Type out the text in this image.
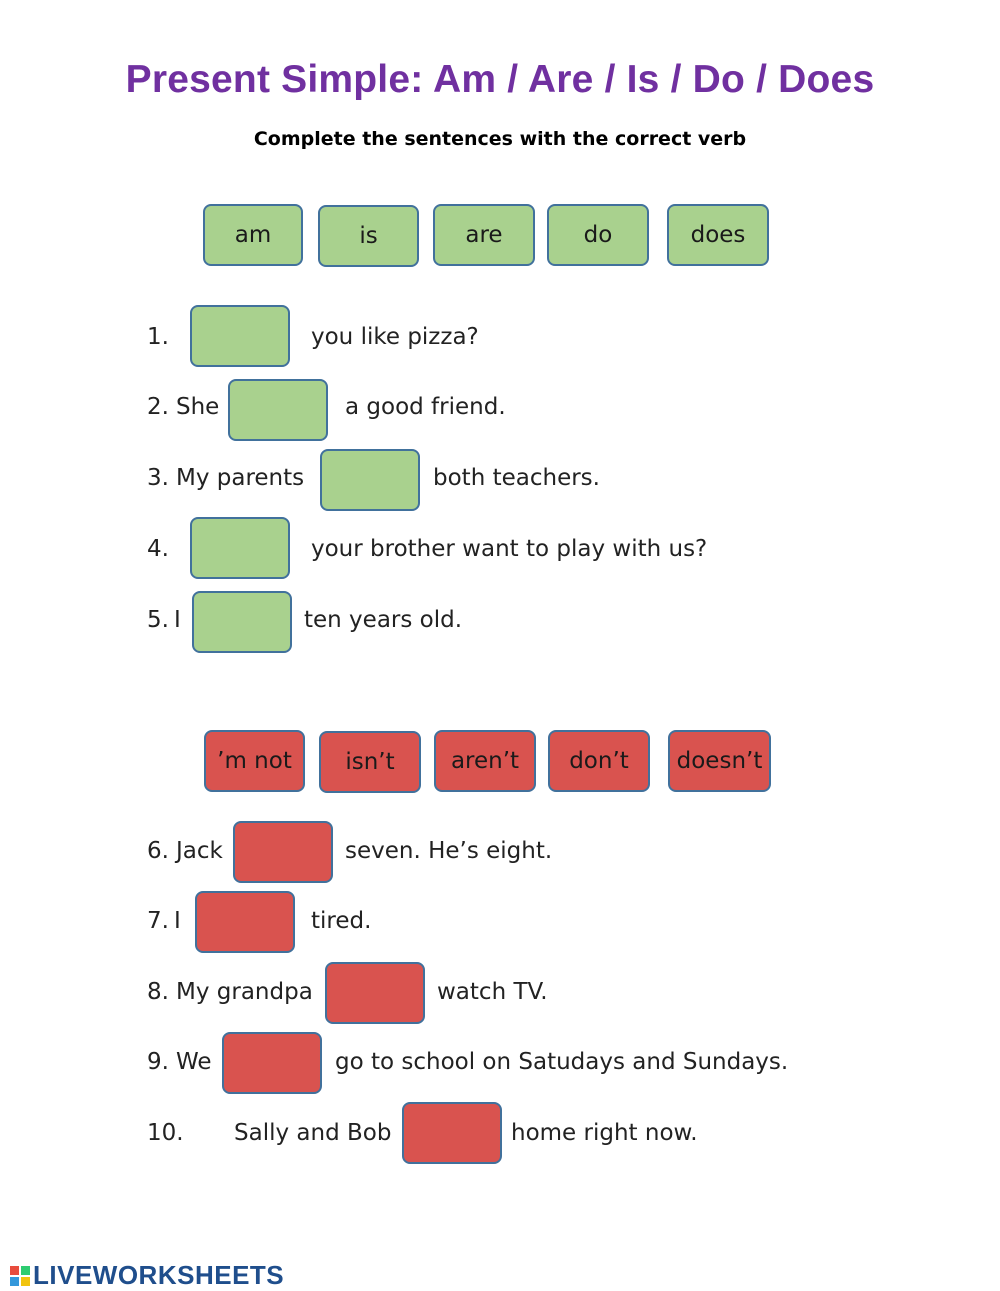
Present Simple: Am / Are / Is / Do / Does
Complete the sentences with the correct verb
am	is	are	do	does
1.	you like pizza?
2. She	a good friend.
3. My parents	both teachers.
4.	your brother want to play with us?
5. I	ten years old.
’m not	isn’t	aren’t	don’t	doesn’t
6. Jack	seven. He’s eight.
7. I	tired.
8. My grandpa	watch TV.
9. We	go to school on Satudays and Sundays.
10. Sally and Bob	home right now.
LIVEWORKSHEETS
